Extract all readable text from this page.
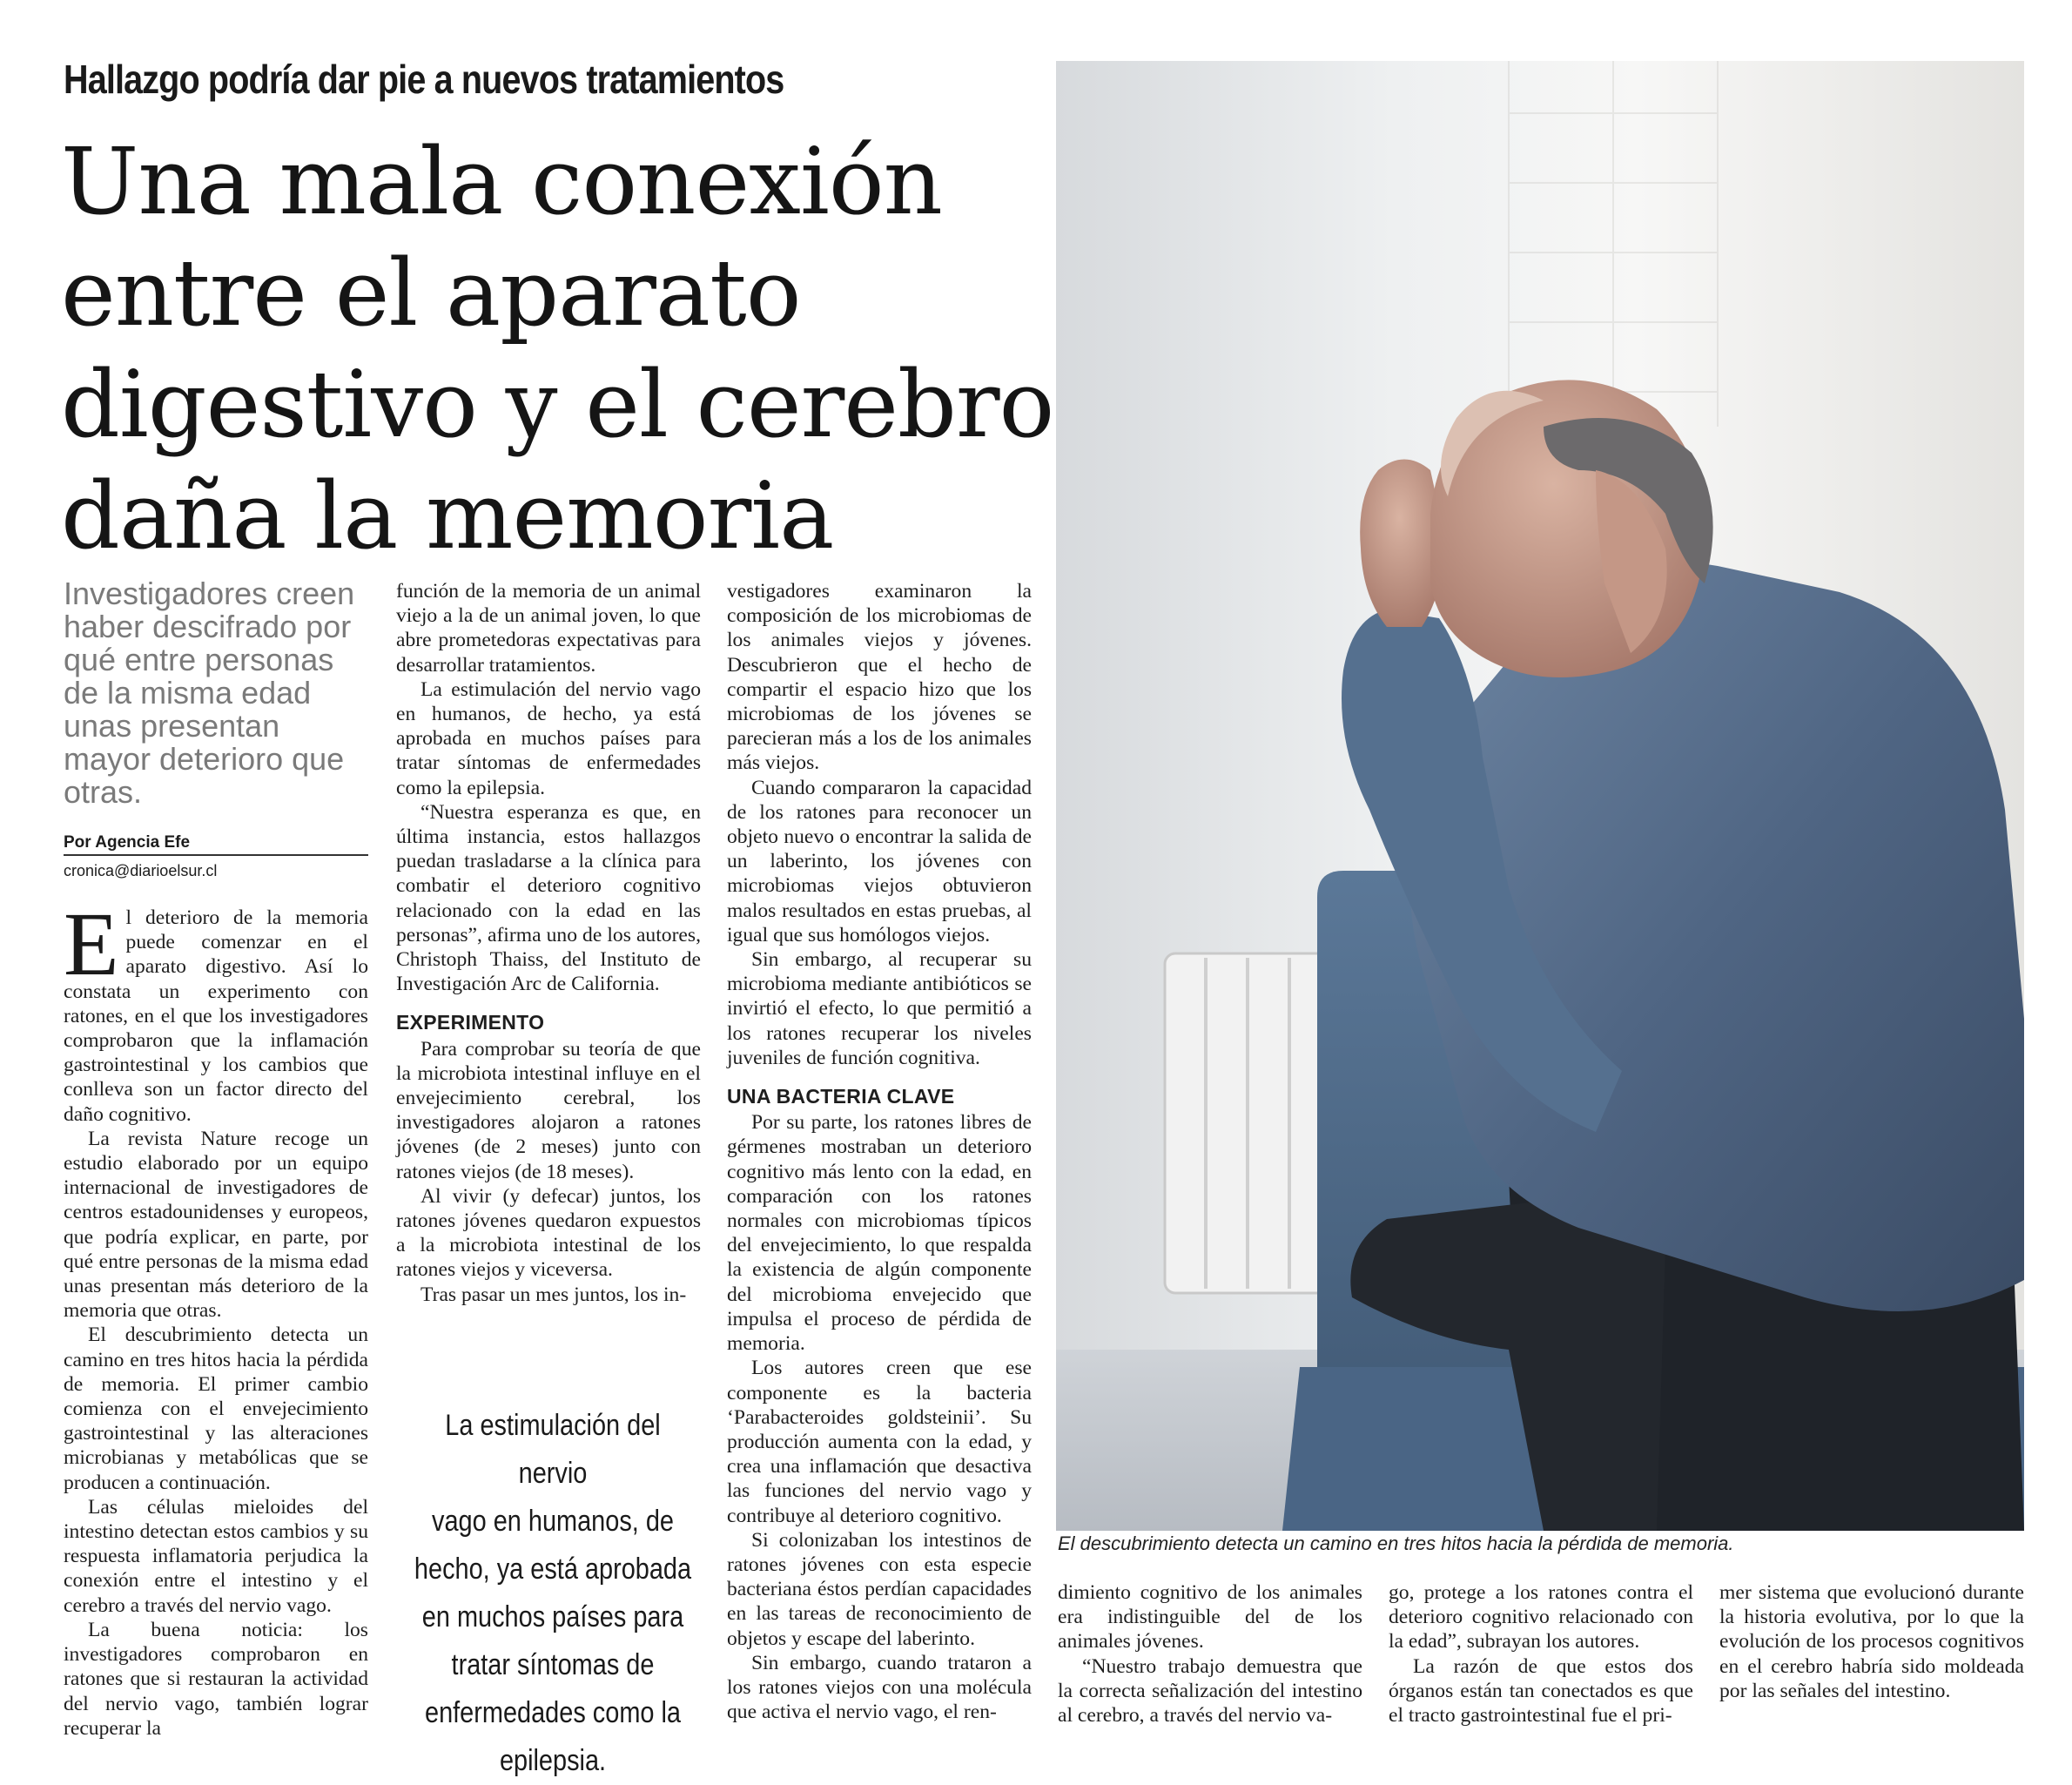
Hallazgo podría dar pie a nuevos tratamientos
Una mala conexión
entre el aparato
digestivo y el cerebro
daña la memoria
Investigadores creen haber descifrado por qué entre personas de la misma edad unas presentan mayor deterioro que otras.
Por Agencia Efe
cronica@diarioelsur.cl

El deterioro de la memoria puede comenzar en el aparato digestivo. Así lo constata un experimento con ratones, en el que los investigadores comprobaron que la inflamación gastrointestinal y los cambios que conlleva son un factor directo del daño cognitivo.

La revista Nature recoge un estudio elaborado por un equipo internacional de investigadores de centros estadounidenses y europeos, que podría explicar, en parte, por qué entre personas de la misma edad unas presentan más deterioro de la memoria que otras.

El descubrimiento detecta un camino en tres hitos hacia la pérdida de memoria. El primer cambio comienza con el envejecimiento gastrointestinal y las alteraciones microbianas y metabólicas que se producen a continuación.

Las células mieloides del intestino detectan estos cambios y su respuesta inflamatoria perjudica la conexión entre el intestino y el cerebro a través del nervio vago.

La buena noticia: los investigadores comprobaron en ratones que si restauran la actividad del nervio vago, también lograr recuperar la

función de la memoria de un animal viejo a la de un animal joven, lo que abre prometedoras expectativas para desarrollar tratamientos.

La estimulación del nervio vago en humanos, de hecho, ya está aprobada en muchos países para tratar síntomas de enfermedades como la epilepsia.

“Nuestra esperanza es que, en última instancia, estos hallazgos puedan trasladarse a la clínica para combatir el deterioro cognitivo relacionado con la edad en las personas”, afirma uno de los autores, Christoph Thaiss, del Instituto de Investigación Arc de California.

EXPERIMENTO

Para comprobar su teoría de que la microbiota intestinal influye en el envejecimiento cerebral, los investigadores alojaron a ratones jóvenes (de 2 meses) junto con ratones viejos (de 18 meses).

Al vivir (y defecar) juntos, los ratones jóvenes quedaron expuestos a la microbiota intestinal de los ratones viejos y viceversa.

Tras pasar un mes juntos, los in-

La estimulación del nervio
vago en humanos, de
hecho, ya está aprobada
en muchos países para
tratar síntomas de
enfermedades como la
epilepsia.

vestigadores examinaron la composición de los microbiomas de los animales viejos y jóvenes. Descubrieron que el hecho de compartir el espacio hizo que los microbiomas de los jóvenes se parecieran más a los de los animales más viejos.

Cuando compararon la capacidad de los ratones para reconocer un objeto nuevo o encontrar la salida de un laberinto, los jóvenes con microbiomas viejos obtuvieron malos resultados en estas pruebas, al igual que sus homólogos viejos.

Sin embargo, al recuperar su microbioma mediante antibióticos se invirtió el efecto, lo que permitió a los ratones recuperar los niveles juveniles de función cognitiva.

UNA BACTERIA CLAVE

Por su parte, los ratones libres de gérmenes mostraban un deterioro cognitivo más lento con la edad, en comparación con los ratones normales con microbiomas típicos del envejecimiento, lo que respalda la existencia de algún componente del microbioma envejecido que impulsa el proceso de pérdida de memoria.

Los autores creen que ese componente es la bacteria ‘Parabacteroides goldsteinii’. Su producción aumenta con la edad, y crea una inflamación que desactiva las funciones del nervio vago y contribuye al deterioro cognitivo.

Si colonizaban los intestinos de ratones jóvenes con esta especie bacteriana éstos perdían capacidades en las tareas de reconocimiento de objetos y escape del laberinto.

Sin embargo, cuando trataron a los ratones viejos con una molécula que activa el nervio vago, el ren-

El descubrimiento detecta un camino en tres hitos hacia la pérdida de memoria.

dimiento cognitivo de los animales era indistinguible del de los animales jóvenes.

“Nuestro trabajo demuestra que la correcta señalización del intestino al cerebro, a través del nervio va-

go, protege a los ratones contra el deterioro cognitivo relacionado con la edad”, subrayan los autores.

La razón de que estos dos órganos están tan conectados es que el tracto gastrointestinal fue el pri-

mer sistema que evolucionó durante la historia evolutiva, por lo que la evolución de los procesos cognitivos en el cerebro habría sido moldeada por las señales del intestino.
